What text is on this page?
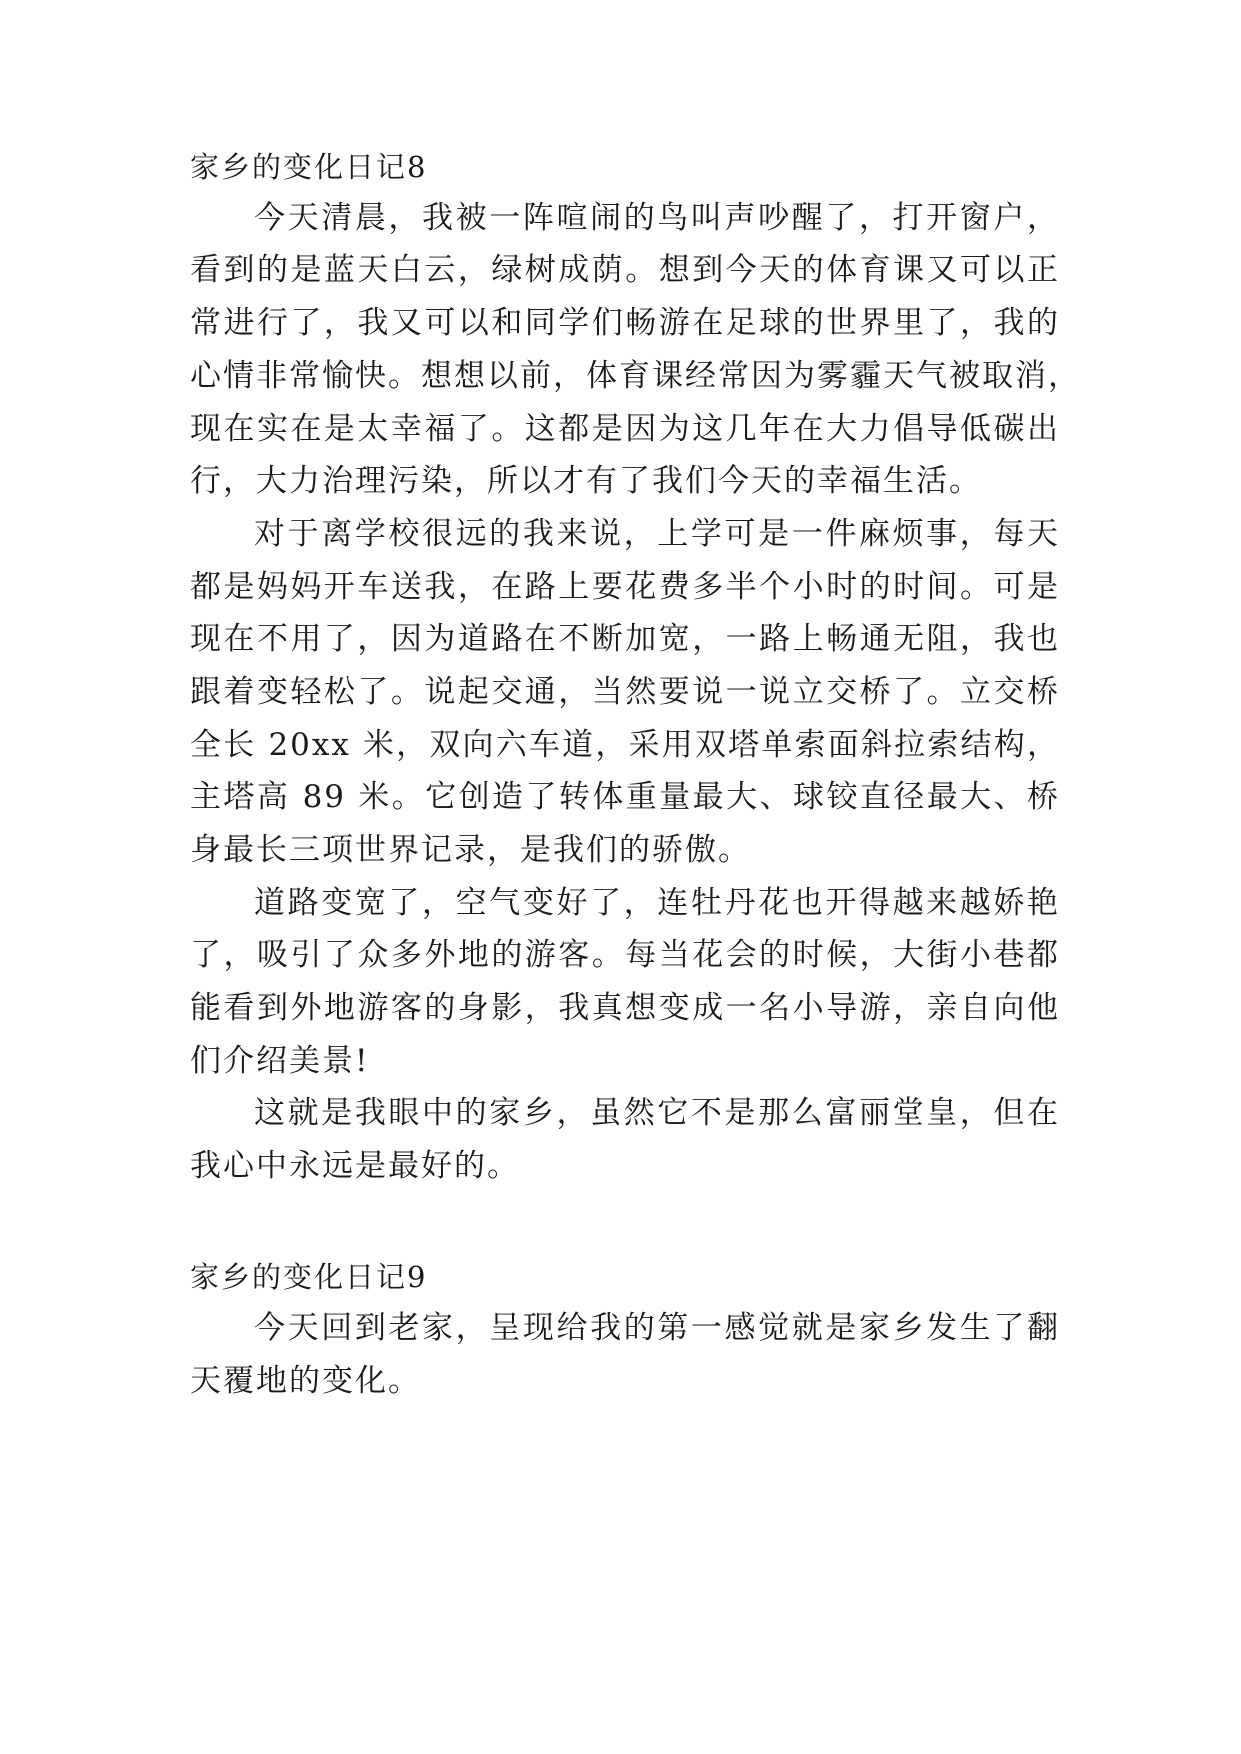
家乡的变化日记8
今天清晨，我被一阵喧闹的鸟叫声吵醒了，打开窗户，
看到的是蓝天白云，绿树成荫。想到今天的体育课又可以正
常进行了，我又可以和同学们畅游在足球的世界里了，我的
心情非常愉快。想想以前，体育课经常因为雾霾天气被取消，
现在实在是太幸福了。这都是因为这几年在大力倡导低碳出
行，大力治理污染，所以才有了我们今天的幸福生活。
对于离学校很远的我来说，上学可是一件麻烦事，每天
都是妈妈开车送我，在路上要花费多半个小时的时间。可是
现在不用了，因为道路在不断加宽，一路上畅通无阻，我也
跟着变轻松了。说起交通，当然要说一说立交桥了。立交桥
全长 20xx 米，双向六车道，采用双塔单索面斜拉索结构，
主塔高 89 米。它创造了转体重量最大、球铰直径最大、桥
身最长三项世界记录，是我们的骄傲。
道路变宽了，空气变好了，连牡丹花也开得越来越娇艳
了，吸引了众多外地的游客。每当花会的时候，大街小巷都
能看到外地游客的身影，我真想变成一名小导游，亲自向他
们介绍美景!
这就是我眼中的家乡，虽然它不是那么富丽堂皇，但在
我心中永远是最好的。
家乡的变化日记9
今天回到老家，呈现给我的第一感觉就是家乡发生了翻
天覆地的变化。
